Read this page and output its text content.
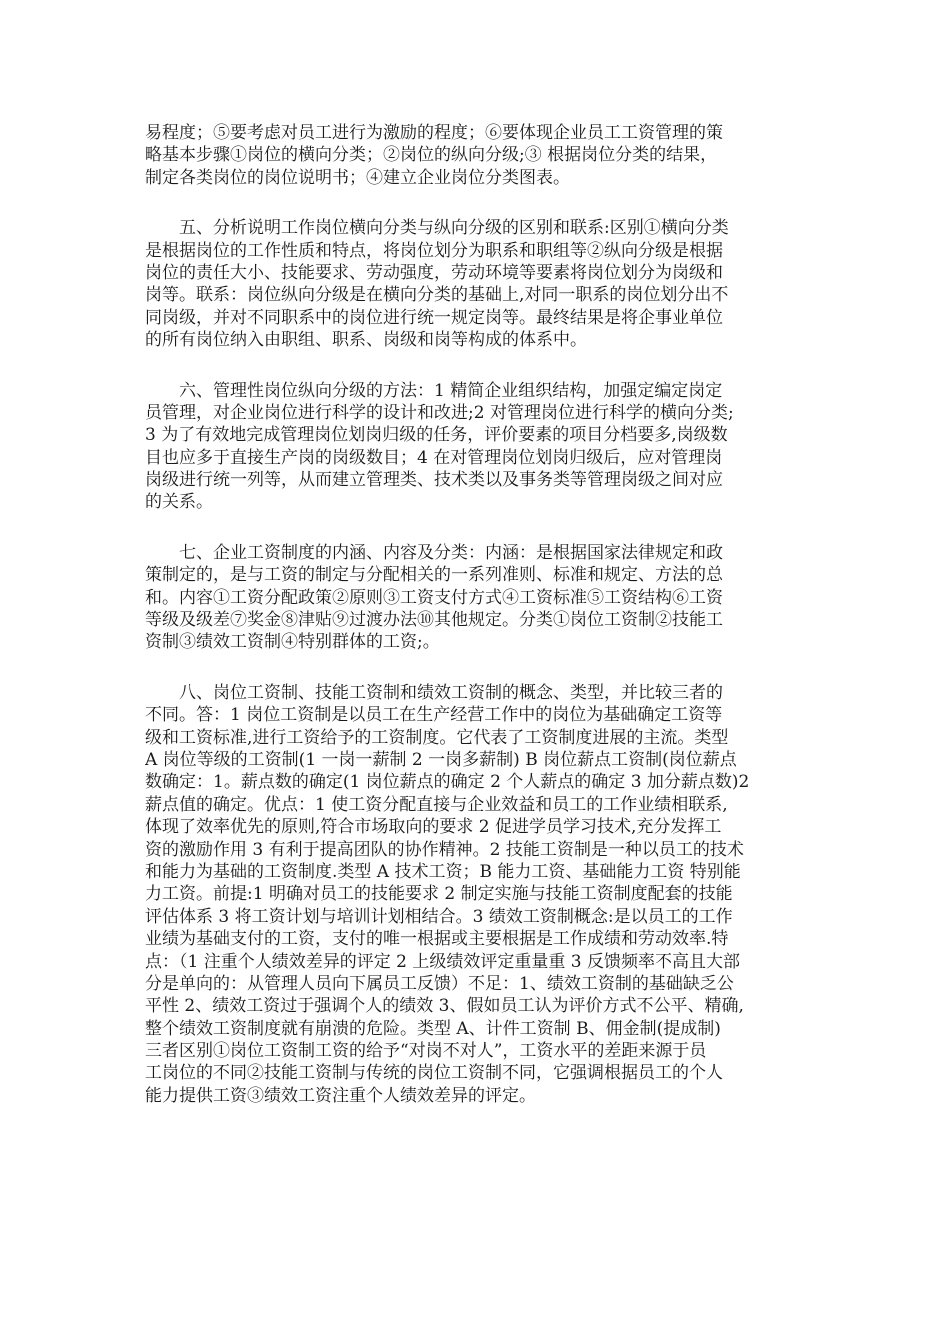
易程度；⑤要考虑对员工进行为激励的程度；⑥要体现企业员工工资管理的策
略基本步骤①岗位的横向分类；②岗位的纵向分级;③ 根据岗位分类的结果，
制定各类岗位的岗位说明书；④建立企业岗位分类图表。
　　五、分析说明工作岗位横向分类与纵向分级的区别和联系:区别①横向分类
是根据岗位的工作性质和特点，将岗位划分为职系和职组等②纵向分级是根据
岗位的责任大小、技能要求、劳动强度，劳动环境等要素将岗位划分为岗级和
岗等。联系：岗位纵向分级是在横向分类的基础上,对同一职系的岗位划分出不
同岗级，并对不同职系中的岗位进行统一规定岗等。最终结果是将企事业单位
的所有岗位纳入由职组、职系、岗级和岗等构成的体系中。
　　六、管理性岗位纵向分级的方法：1 精简企业组织结构，加强定编定岗定
员管理，对企业岗位进行科学的设计和改进;2 对管理岗位进行科学的横向分类;
3 为了有效地完成管理岗位划岗归级的任务，评价要素的项目分档要多,岗级数
目也应多于直接生产岗的岗级数目；4 在对管理岗位划岗归级后，应对管理岗
岗级进行统一列等，从而建立管理类、技术类以及事务类等管理岗级之间对应
的关系。
　　七、企业工资制度的内涵、内容及分类：内涵：是根据国家法律规定和政
策制定的，是与工资的制定与分配相关的一系列准则、标准和规定、方法的总
和。内容①工资分配政策②原则③工资支付方式④工资标准⑤工资结构⑥工资
等级及级差⑦奖金⑧津贴⑨过渡办法⑩其他规定。分类①岗位工资制②技能工
资制③绩效工资制④特别群体的工资;。
　　八、岗位工资制、技能工资制和绩效工资制的概念、类型，并比较三者的
不同。答：1 岗位工资制是以员工在生产经营工作中的岗位为基础确定工资等
级和工资标准,进行工资给予的工资制度。它代表了工资制度进展的主流。类型
A 岗位等级的工资制(1 一岗一薪制 2 一岗多薪制) B 岗位薪点工资制(岗位薪点
数确定：1。薪点数的确定(1 岗位薪点的确定 2 个人薪点的确定 3 加分薪点数)2
薪点值的确定。优点：1 使工资分配直接与企业效益和员工的工作业绩相联系,
体现了效率优先的原则,符合市场取向的要求 2 促进学员学习技术,充分发挥工
资的激励作用 3 有利于提高团队的协作精神。2 技能工资制是一种以员工的技术
和能力为基础的工资制度.类型 A 技术工资；B 能力工资、基础能力工资 特别能
力工资。前提:1 明确对员工的技能要求 2 制定实施与技能工资制度配套的技能
评估体系 3 将工资计划与培训计划相结合。3 绩效工资制概念:是以员工的工作
业绩为基础支付的工资，支付的唯一根据或主要根据是工作成绩和劳动效率.特
点：（1 注重个人绩效差异的评定 2 上级绩效评定重量重 3 反馈频率不高且大部
分是单向的：从管理人员向下属员工反馈）不足：1、绩效工资制的基础缺乏公
平性 2、绩效工资过于强调个人的绩效 3、假如员工认为评价方式不公平、精确,
整个绩效工资制度就有崩溃的危险。类型 A、计件工资制 B、佣金制(提成制)
三者区别①岗位工资制工资的给予“对岗不对人”，工资水平的差距来源于员
工岗位的不同②技能工资制与传统的岗位工资制不同，它强调根据员工的个人
能力提供工资③绩效工资注重个人绩效差异的评定。
